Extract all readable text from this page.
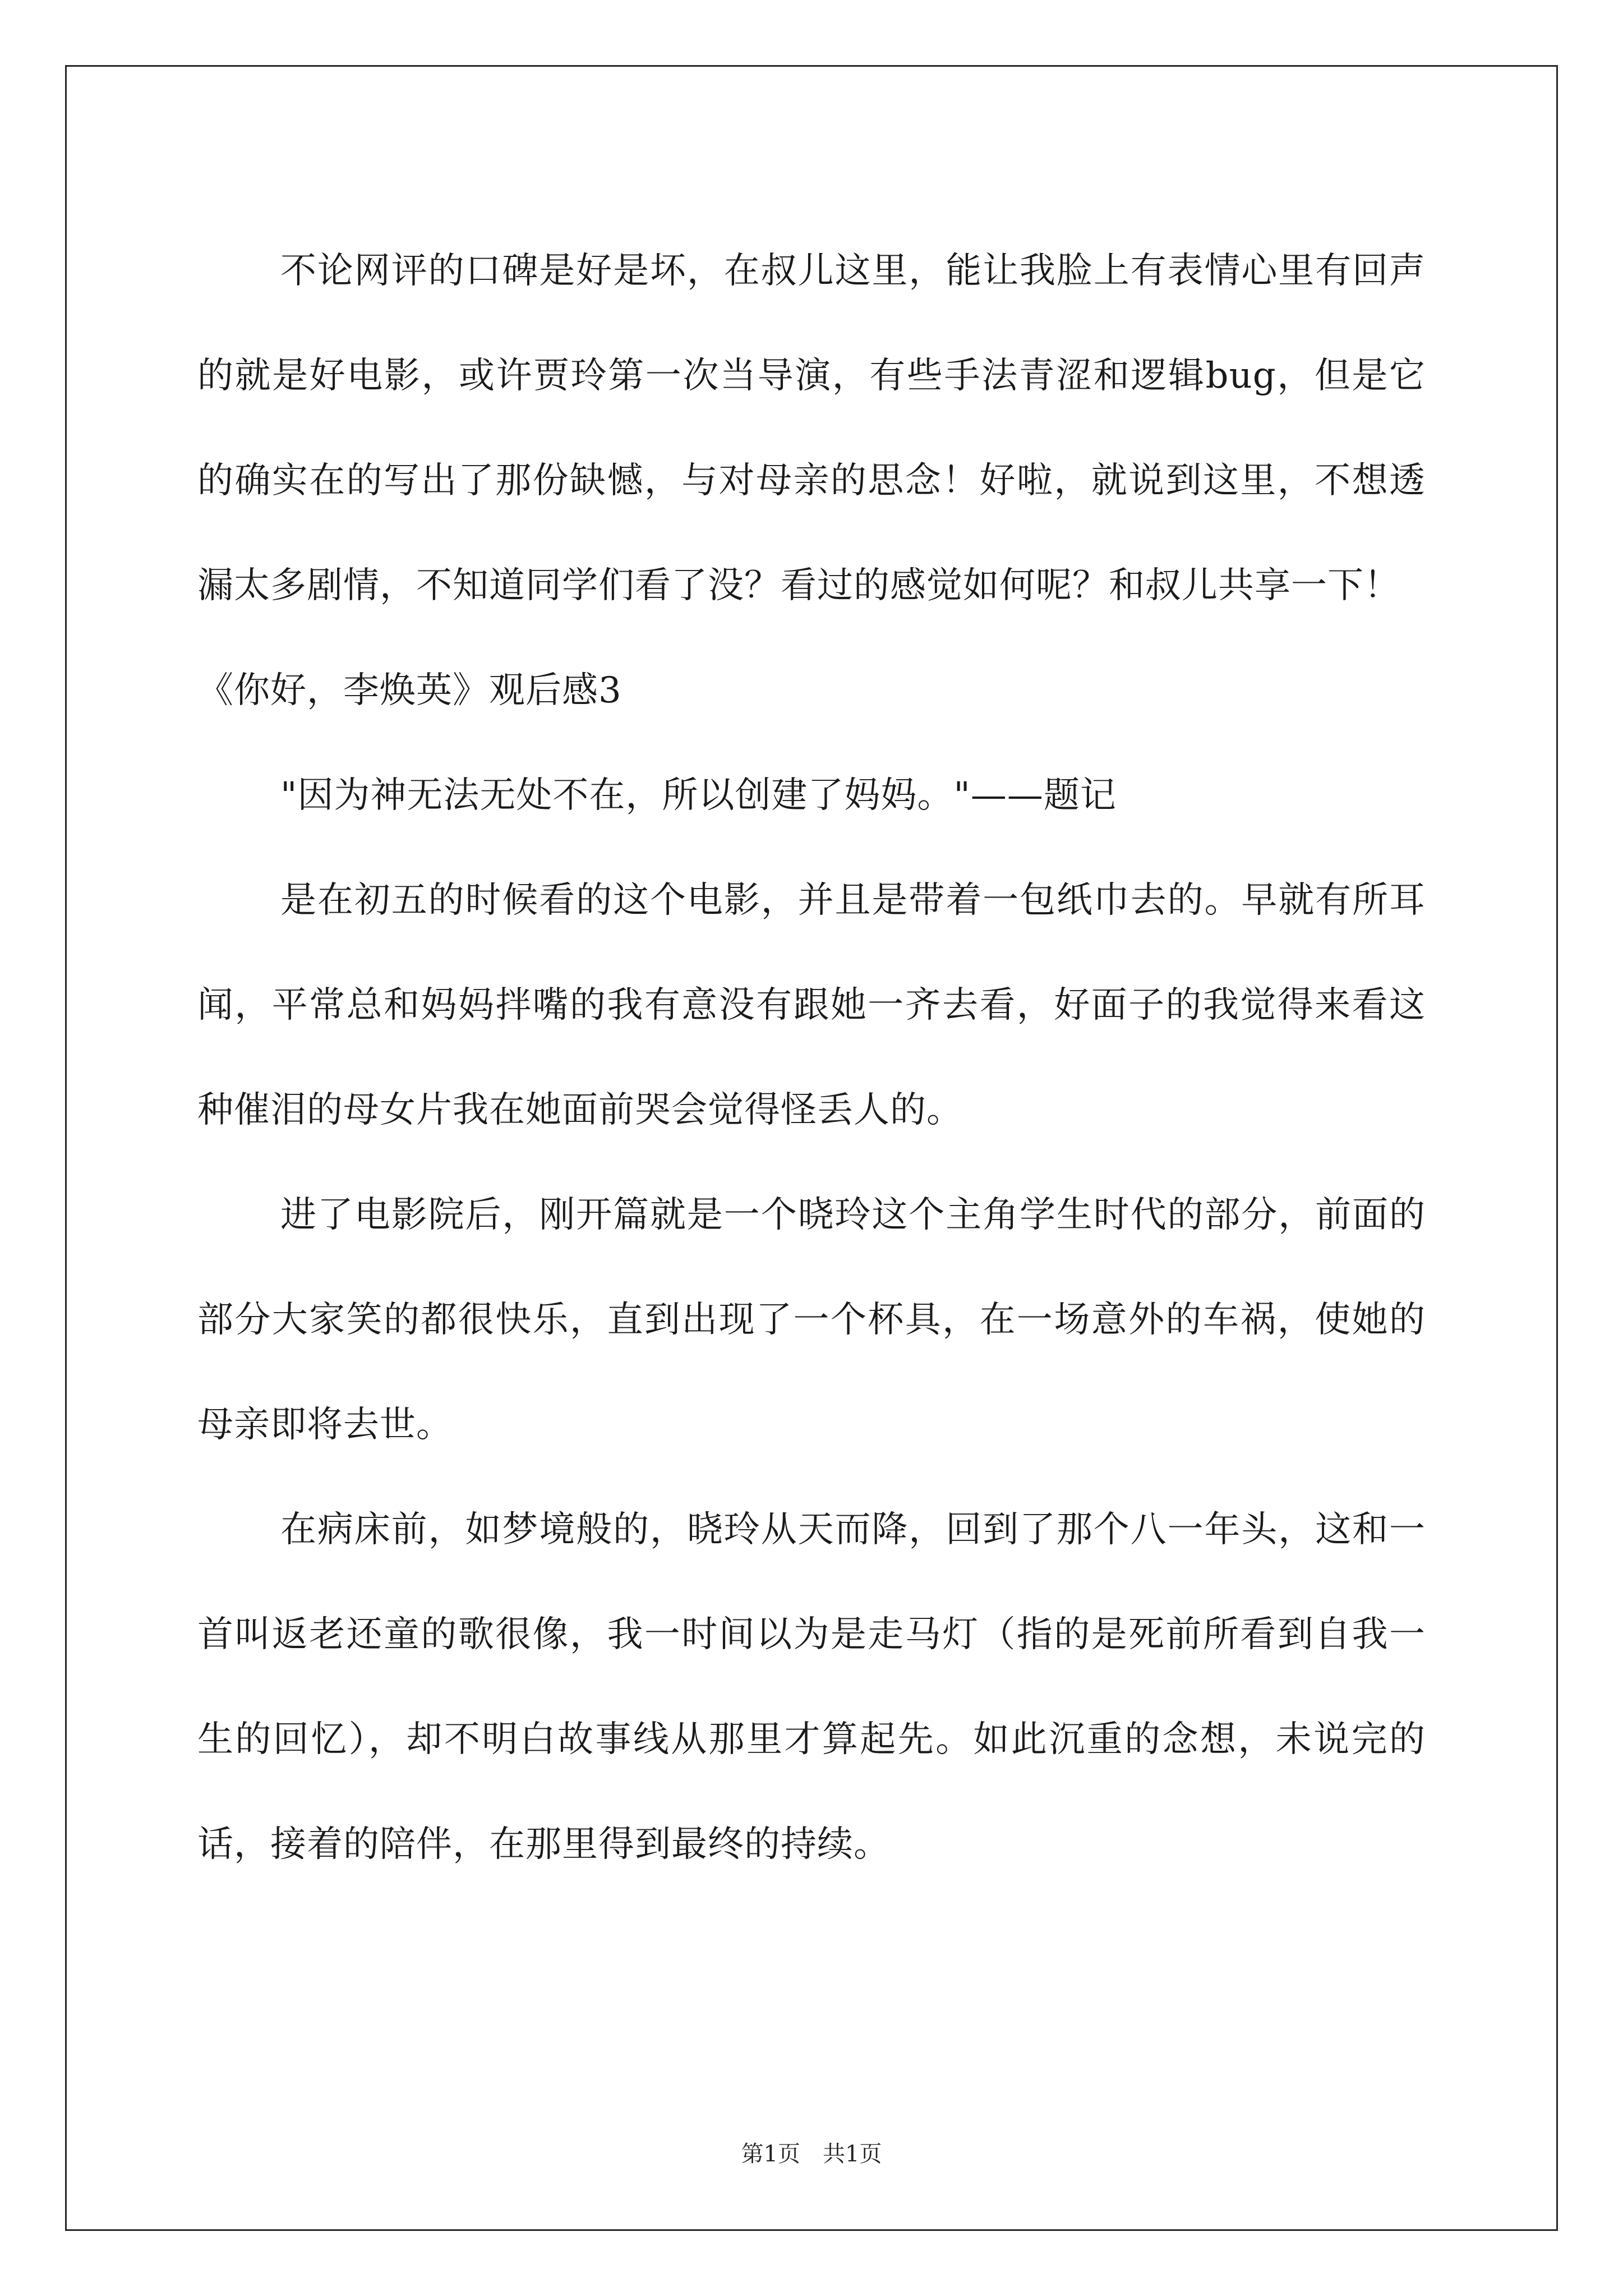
不论网评的口碑是好是坏，在叔儿这里，能让我脸上有表情心里有回声的就是好电影，或许贾玲第一次当导演，有些手法青涩和逻辑bug，但是它的确实在的写出了那份缺憾，与对母亲的思念！好啦，就说到这里，不想透漏太多剧情，不知道同学们看了没？看过的感觉如何呢？和叔儿共享一下！

《你好，李焕英》观后感3

"因为神无法无处不在，所以创建了妈妈。"——题记

是在初五的时候看的这个电影，并且是带着一包纸巾去的。早就有所耳闻，平常总和妈妈拌嘴的我有意没有跟她一齐去看，好面子的我觉得来看这种催泪的母女片我在她面前哭会觉得怪丢人的。

进了电影院后，刚开篇就是一个晓玲这个主角学生时代的部分，前面的部分大家笑的都很快乐，直到出现了一个杯具，在一场意外的车祸，使她的母亲即将去世。

在病床前，如梦境般的，晓玲从天而降，回到了那个八一年头，这和一首叫返老还童的歌很像，我一时间以为是走马灯（指的是死前所看到自我一生的回忆），却不明白故事线从那里才算起先。如此沉重的念想，未说完的话，接着的陪伴，在那里得到最终的持续。

第1页　共1页
